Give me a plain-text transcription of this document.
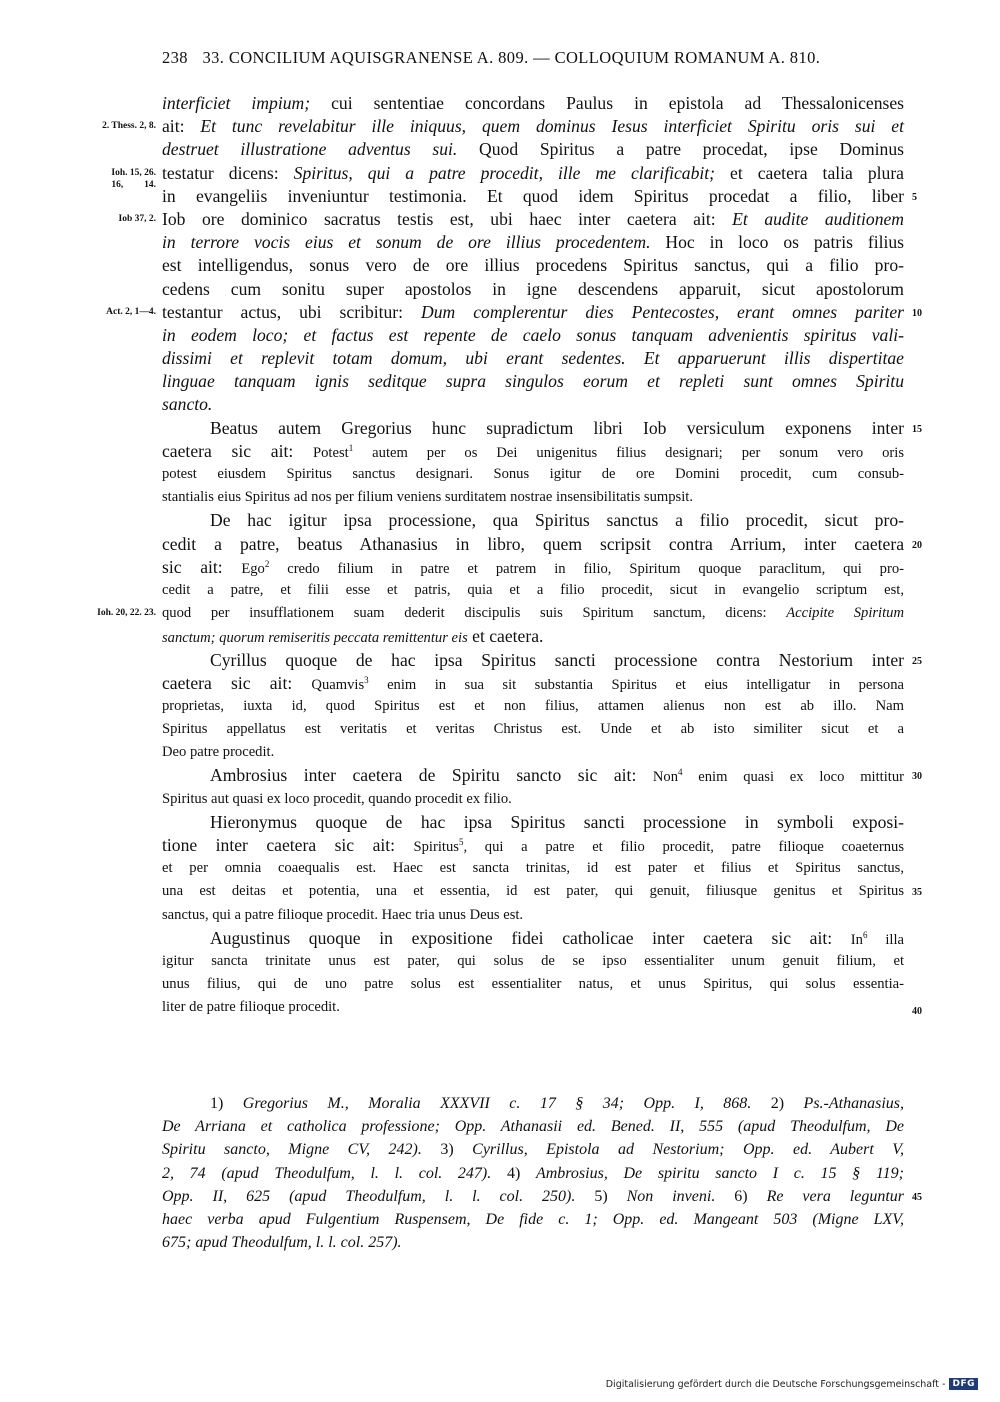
238 33. CONCILIUM AQUISGRANENSE A. 809. — COLLOQUIUM ROMANUM A. 810.
interficiet impium; cui sententiae concordans Paulus in epistola ad Thessalonicenses
2. Thess. 2, 8. ait: Et tunc revelabitur ille iniquus, quem dominus Iesus interficiet Spiritu oris sui et
destruet illustratione adventus sui. Quod Spiritus a patre procedat, ipse Dominus
Ioh. 15, 26.
16, 14.
testatur dicens: Spiritus, qui a patre procedit, ille me clarificabit; et caetera talia plura
in evangeliis inveniuntur testimonia. Et quod idem Spiritus procedat a filio, liber 5
Iob 37, 2. Iob ore dominico sacratus testis est, ubi haec inter caetera ait: Et audite auditionem
in terrore vocis eius et sonum de ore illius procedentem. Hoc in loco os patris filius
est intelligendus, sonus vero de ore illius procedens Spiritus sanctus, qui a filio pro-
cedens cum sonitu super apostolos in igne descendens apparuit, sicut apostolorum
Act. 2, 1—4. testantur actus, ubi scribitur: Dum complerentur dies Pentecostes, erant omnes pariter 10
in eodem loco; et factus est repente de caelo sonus tanquam advenientis spiritus vali-
dissimi et replevit totam domum, ubi erant sedentes. Et apparuerunt illis dispertitae
linguae tanquam ignis seditque supra singulos eorum et repleti sunt omnes Spiritu
sancto.
Beatus autem Gregorius hunc supradictum libri Iob versiculum exponens inter 15
caetera sic ait: Potest$^1$ autem per os Dei unigenitus filius designari; per sonum vero oris
potest eiusdem Spiritus sanctus designari. Sonus igitur de ore Domini procedit, cum consub-
stantialis eius Spiritus ad nos per filium veniens surditatem nostrae insensibilitatis sumpsit.
De hac igitur ipsa processione, qua Spiritus sanctus a filio procedit, sicut pro-
cedit a patre, beatus Athanasius in libro, quem scripsit contra Arrium, inter caetera 20
sic ait: Ego$^2$ credo filium in patre et patrem in filio, Spiritum quoque paraclitum, qui pro-
cedit a patre, et filii esse et patris, quia et a filio procedit, sicut in evangelio scriptum est,
Ioh. 20, 22. 23. quod per insufflationem suam dederit discipulis suis Spiritum sanctum, dicens: Accipite Spiritum
sanctum; quorum remiseritis peccata remittentur eis et caetera.
Cyrillus quoque de hac ipsa Spiritus sancti processione contra Nestorium inter 25
caetera sic ait: Quamvis$^3$ enim in sua sit substantia Spiritus et eius intelligatur in persona
proprietas, iuxta id, quod Spiritus est et non filius, attamen alienus non est ab illo. Nam
Spiritus appellatus est veritatis et veritas Christus est. Unde et ab isto similiter sicut et a
Deo patre procedit.
Ambrosius inter caetera de Spiritu sancto sic ait: Non$^4$ enim quasi ex loco mittitur 30
Spiritus aut quasi ex loco procedit, quando procedit ex filio.
Hieronymus quoque de hac ipsa Spiritus sancti processione in symboli exposi-
tione inter caetera sic ait: Spiritus$^5$, qui a patre et filio procedit, patre filioque coaeternus
et per omnia coaequalis est. Haec est sancta trinitas, id est pater et filius et Spiritus sanctus,
una est deitas et potentia, una et essentia, id est pater, qui genuit, filiusque genitus et Spiritus 35
sanctus, qui a patre filioque procedit. Haec tria unus Deus est.
Augustinus quoque in expositione fidei catholicae inter caetera sic ait: In$^6$ illa
igitur sancta trinitate unus est pater, qui solus de se ipso essentialiter unum genuit filium, et
unus filius, qui de uno patre solus est essentialiter natus, et unus Spiritus, qui solus essentia-
liter de patre filioque procedit.	40
1) Gregorius M., Moralia XXXVII c. 17 § 34; Opp. I, 868. 2) Ps.-Athanasius,
De Arriana et catholica professione; Opp. Athanasii ed. Bened. II, 555 (apud Theodulfum, De
Spiritu sancto, Migne CV, 242). 3) Cyrillus, Epistola ad Nestorium; Opp. ed. Aubert V,
2, 74 (apud Theodulfum, l. l. col. 247). 4) Ambrosius, De spiritu sancto I c. 15 § 119;
Opp. II, 625 (apud Theodulfum, l. l. col. 250). 5) Non inveni. 6) Re vera leguntur 45
haec verba apud Fulgentium Ruspensem, De fide c. 1; Opp. ed. Mangeant 503 (Migne LXV,
675; apud Theodulfum, l. l. col. 257).
Digitalisierung gefördert durch die Deutsche Forschungsgemeinschaft - DFG
